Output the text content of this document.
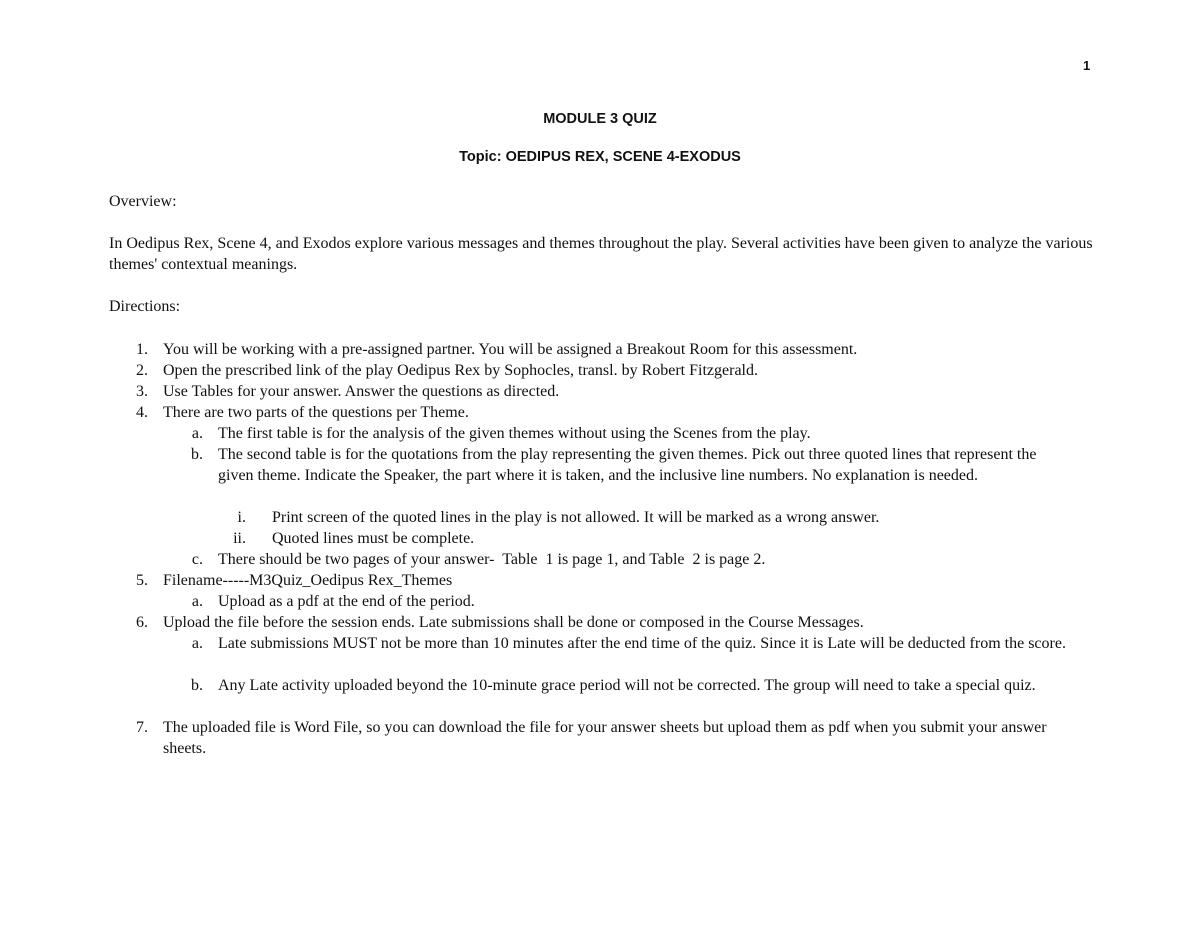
1
MODULE 3 QUIZ
Topic: OEDIPUS REX, SCENE 4-EXODUS
Overview:
In Oedipus Rex, Scene 4, and Exodos explore various messages and themes throughout the play. Several activities have been given to analyze the various themes' contextual meanings.
Directions:
1. You will be working with a pre-assigned partner. You will be assigned a Breakout Room for this assessment.
2. Open the prescribed link of the play Oedipus Rex by Sophocles, transl. by Robert Fitzgerald.
3. Use Tables for your answer. Answer the questions as directed.
4. There are two parts of the questions per Theme.
a. The first table is for the analysis of the given themes without using the Scenes from the play.
b. The second table is for the quotations from the play representing the given themes. Pick out three quoted lines that represent the given theme. Indicate the Speaker, the part where it is taken, and the inclusive line numbers. No explanation is needed.
i. Print screen of the quoted lines in the play is not allowed. It will be marked as a wrong answer.
ii. Quoted lines must be complete.
c. There should be two pages of your answer-  Table  1 is page 1, and Table  2 is page 2.
5. Filename-----M3Quiz_Oedipus Rex_Themes
a. Upload as a pdf at the end of the period.
6. Upload the file before the session ends. Late submissions shall be done or composed in the Course Messages.
a. Late submissions MUST not be more than 10 minutes after the end time of the quiz. Since it is Late will be deducted from the score.
b. Any Late activity uploaded beyond the 10-minute grace period will not be corrected. The group will need to take a special quiz.
7. The uploaded file is Word File, so you can download the file for your answer sheets but upload them as pdf when you submit your answer sheets.
